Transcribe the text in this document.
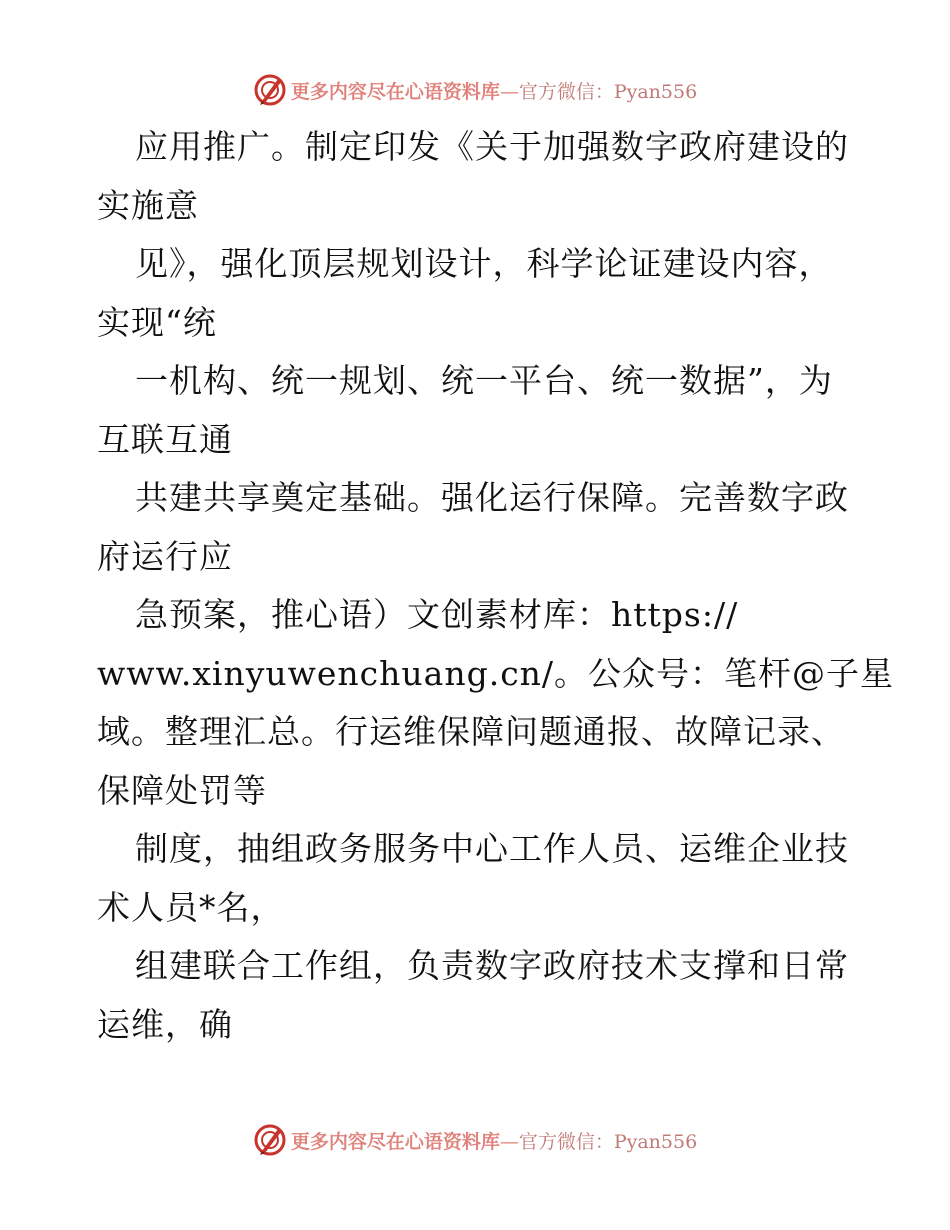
更多内容尽在心语资料库—官方微信：Pyan556
应用推广。制定印发《关于加强数字政府建设的
实施意
见》，强化顶层规划设计，科学论证建设内容，
实现“统
一机构、统一规划、统一平台、统一数据”，为
互联互通
共建共享奠定基础。强化运行保障。完善数字政
府运行应
急预案，推心语）文创素材库：https://
www.xinyuwenchuang.cn/。公众号：笔杆@子星
域。整理汇总。行运维保障问题通报、故障记录、
保障处罚等
制度，抽组政务服务中心工作人员、运维企业技
术人员*名，
组建联合工作组，负责数字政府技术支撑和日常
运维，确
更多内容尽在心语资料库—官方微信：Pyan556
